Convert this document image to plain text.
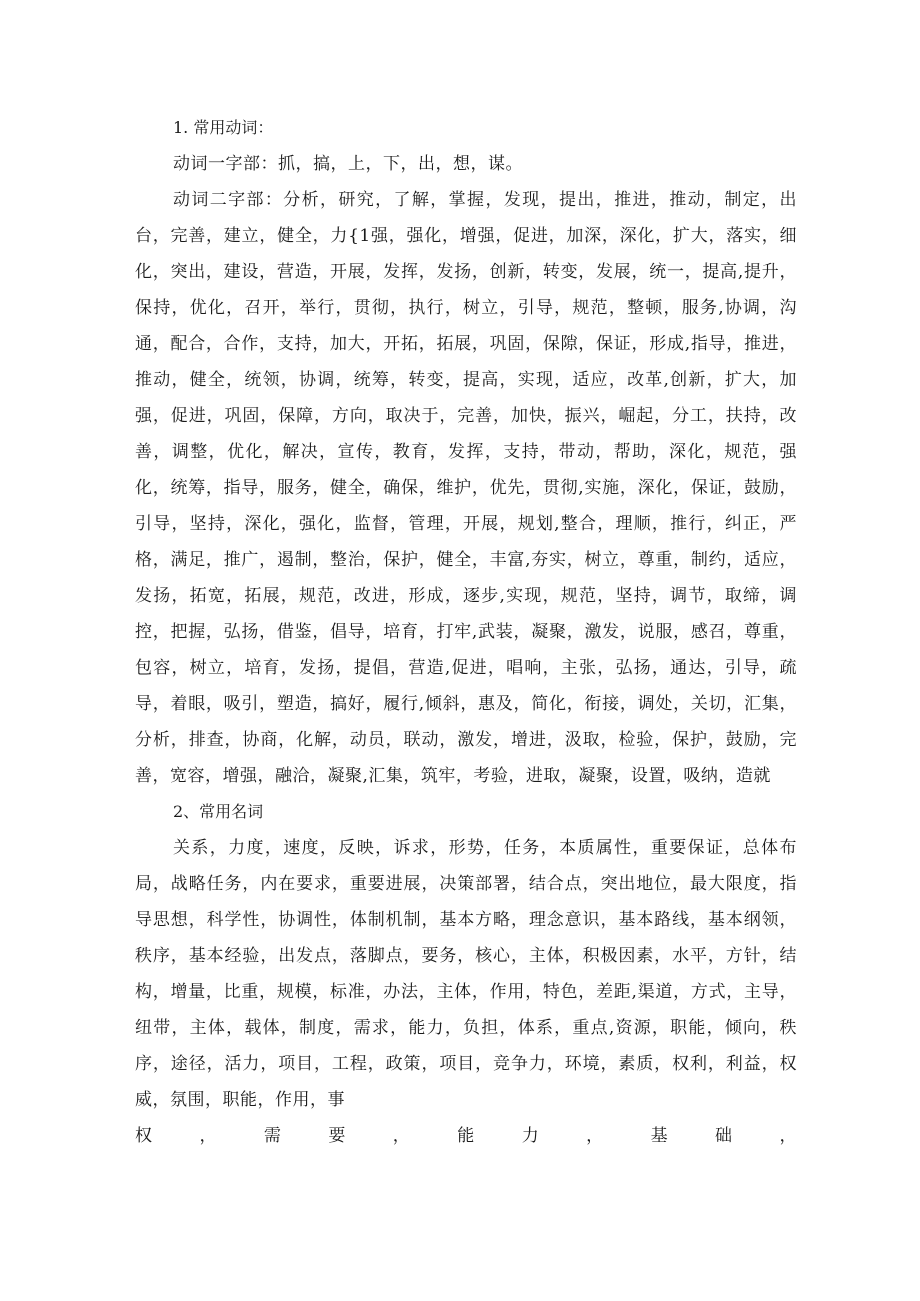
1. 常用动词：

动词一字部：抓，搞，上，下，出，想，谋。

动词二字部：分析，研究，了解，掌握，发现，提出，推进，推动，制定，出台，完善，建立，健全，力{1强，强化，增强，促进，加深，深化，扩大，落实，细化，突出，建设，营造，开展，发挥，发扬，创新，转变，发展，统一，提高,提升，保持，优化，召开，举行，贯彻，执行，树立，引导，规范，整顿，服务,协调，沟通，配合，合作，支持，加大，开拓，拓展，巩固，保隙，保证，形成,指导，推进，推动，健全，统领，协调，统筹，转变，提高，实现，适应，改革,创新，扩大，加强，促进，巩固，保障，方向，取决于，完善，加快，振兴，崛起，分工，扶持，改善，调整，优化，解决，宣传，教育，发挥，支持，带动，帮助，深化，规范，强化，统筹，指导，服务，健全，确保，维护，优先，贯彻,实施，深化，保证，鼓励，引导，坚持，深化，强化，监督，管理，开展，规划,整合，理顺，推行，纠正，严格，满足，推广，遏制，整治，保护，健全，丰富,夯实，树立，尊重，制约，适应，发扬，拓宽，拓展，规范，改进，形成，逐步,实现，规范，坚持，调节，取缔，调控，把握，弘扬，借鉴，倡导，培育，打牢,武装，凝聚，激发，说服，感召，尊重，包容，树立，培育，发扬，提倡，营造,促进，唱响，主张，弘扬，通达，引导，疏导，着眼，吸引，塑造，搞好，履行,倾斜，惠及，简化，衔接，调处，关切，汇集，分析，排查，协商，化解，动员，联动，激发，增进，汲取，检验，保护，鼓励，完善，宽容，增强，融洽，凝聚,汇集，筑牢，考验，进取，凝聚，设置，吸纳，造就

2、常用名词

关系，力度，速度，反映，诉求，形势，任务，本质属性，重要保证，总体布局，战略任务，内在要求，重要进展，决策部署，结合点，突出地位，最大限度，指导思想，科学性，协调性，体制机制，基本方略，理念意识，基本路线，基本纲领，秩序，基本经验，出发点，落脚点，要务，核心，主体，积极因素，水平，方针，结构，增量，比重，规模，标准，办法，主体，作用，特色，差距,渠道，方式，主导，纽带，主体，载体，制度，需求，能力，负担，体系，重点,资源，职能，倾向，秩序，途径，活力，项目，工程，政策，项目，竞争力，环境，素质，权利，利益，权威，氛围，职能，作用，事

权，需要，能力，基础，
